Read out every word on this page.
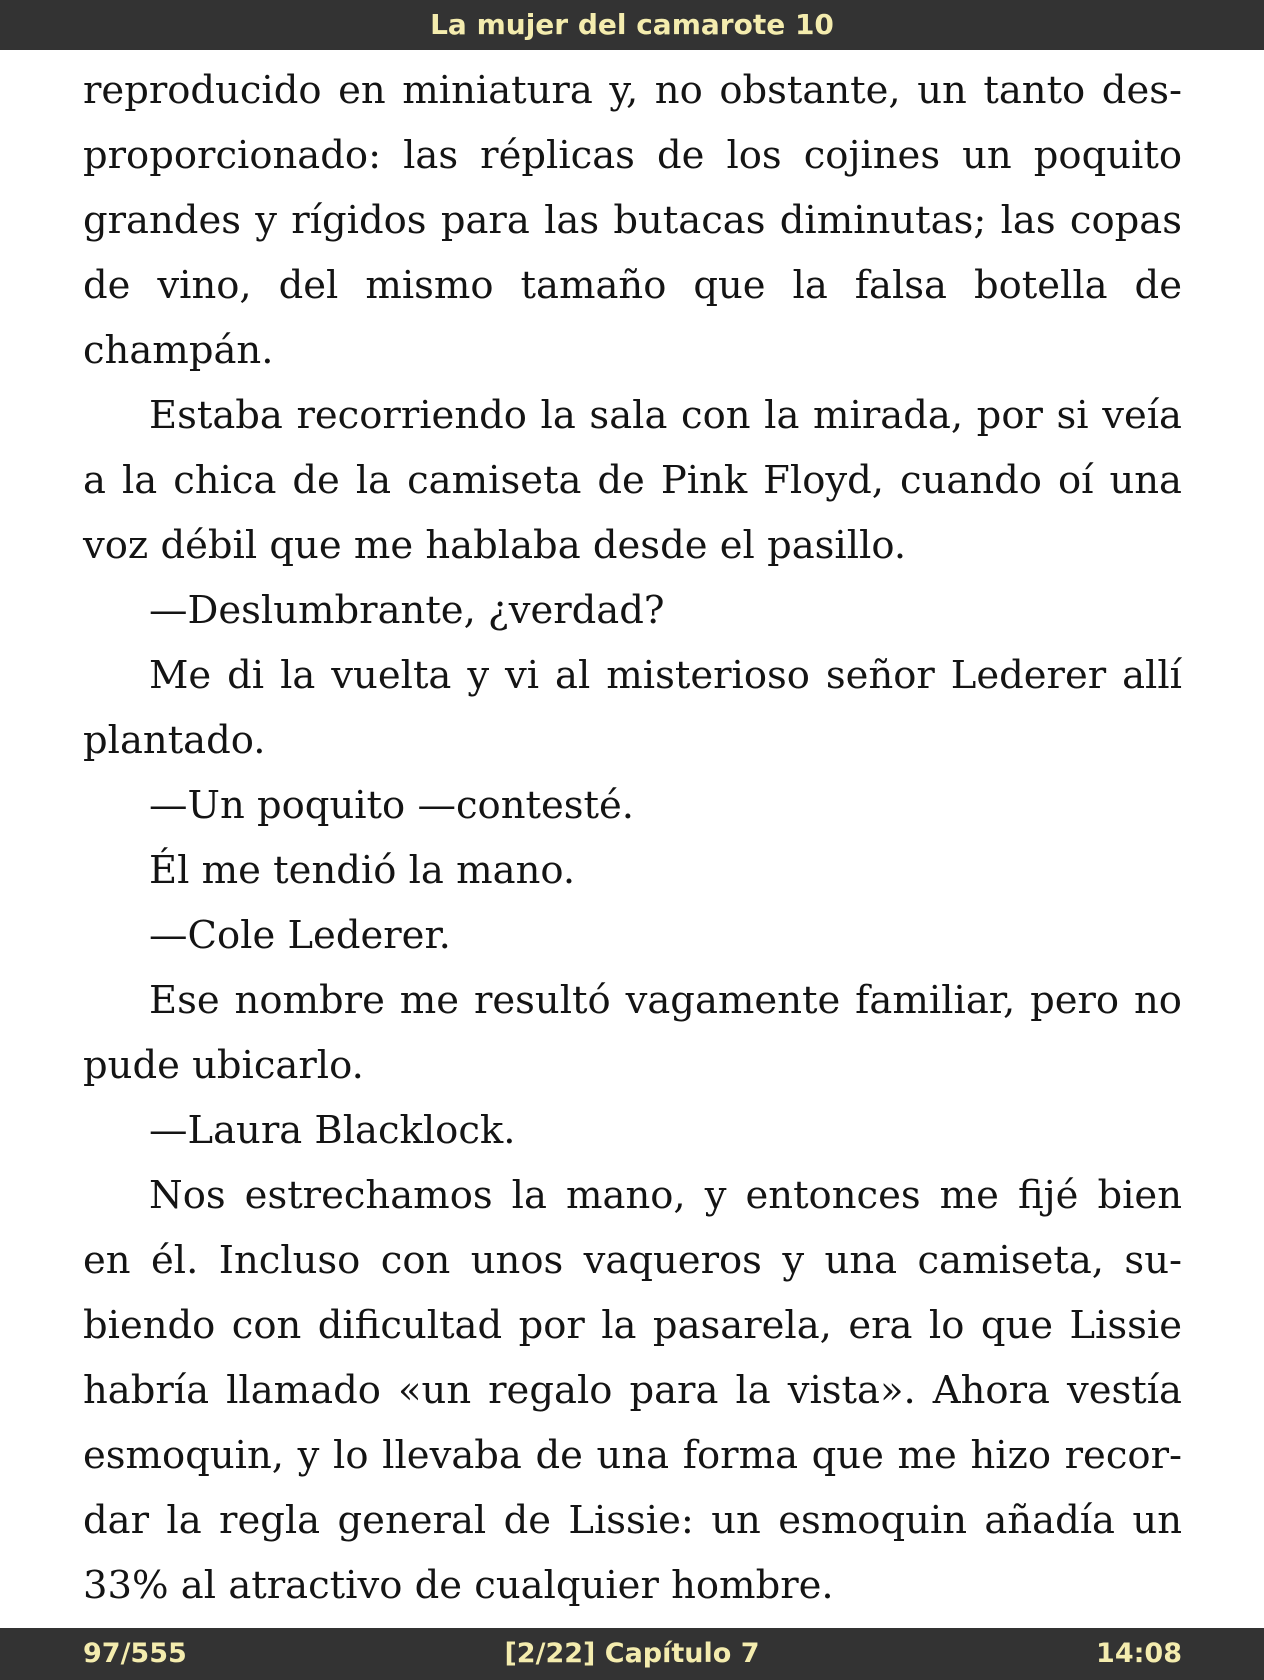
La mujer del camarote 10
reproducido en miniatura y, no obstante, un tanto des-
proporcionado: las réplicas de los cojines un poquito
grandes y rígidos para las butacas diminutas; las copas
de vino, del mismo tamaño que la falsa botella de
champán.
Estaba recorriendo la sala con la mirada, por si veía
a la chica de la camiseta de Pink Floyd, cuando oí una
voz débil que me hablaba desde el pasillo.
—Deslumbrante, ¿verdad?
Me di la vuelta y vi al misterioso señor Lederer allí
plantado.
—Un poquito —contesté.
Él me tendió la mano.
—Cole Lederer.
Ese nombre me resultó vagamente familiar, pero no
pude ubicarlo.
—Laura Blacklock.
Nos estrechamos la mano, y entonces me fijé bien
en él. Incluso con unos vaqueros y una camiseta, su-
biendo con dificultad por la pasarela, era lo que Lissie
habría llamado «un regalo para la vista». Ahora vestía
esmoquin, y lo llevaba de una forma que me hizo recor-
dar la regla general de Lissie: un esmoquin añadía un
33% al atractivo de cualquier hombre.
97/555	[2/22] Capítulo 7	14:08
